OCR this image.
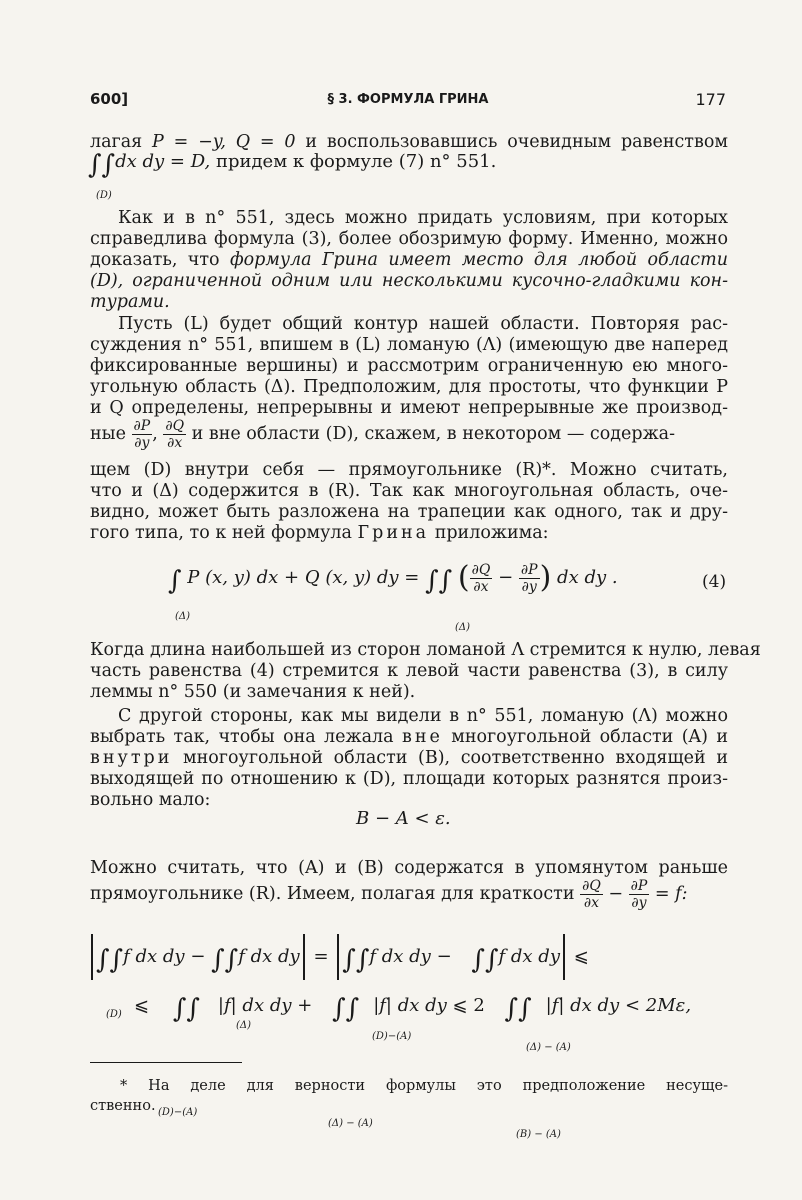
600]	§ 3. ФОРМУЛА ГРИНА	177
лагая P = −y, Q = 0 и воспользовавшись очевидным равенством
∫∫dx dy = D, придем к формуле (7) n° 551.
(D)
Как и в n° 551, здесь можно придать условиям, при которых
справедлива формула (3), более обозримую форму. Именно, можно
доказать, что формула Грина имеет место для любой области
(D), ограниченной одним или несколькими кусочно-гладкими кон-
турами.
Пусть (L) будет общий контур нашей области. Повторяя рас-
суждения n° 551, впишем в (L) ломаную (Λ) (имеющую две наперед
фиксированные вершины) и рассмотрим ограниченную ею много-
угольную область (Δ). Предположим, для простоты, что функции P
и Q определены, непрерывны и имеют непрерывные же производ-
ные $\frac{\partial P}{\partial y}$ , $\frac{\partial Q}{\partial x}$ и вне области (D), скажем, в некотором — содержа-
щем (D) внутри себя — прямоугольнике (R)*. Можно считать,
что и (Δ) содержится в (R). Так как многоугольная область, оче-
видно, может быть разложена на трапеции как одного, так и дру-
гого типа, то к ней формула Грина приложима:
∫ P (x, y) dx + Q (x, y) dy = ∫∫ ( $\frac{\partial Q}{\partial x} - \frac{\partial P}{\partial y}$ ) dx dy .
(Δ)
(Δ)
(4)
Когда длина наибольшей из сторон ломаной Λ стремится к нулю, левая
часть равенства (4) стремится к левой части равенства (3), в силу
леммы n° 550 (и замечания к ней).
С другой стороны, как мы видели в n° 551, ломаную (Λ) можно
выбрать так, чтобы она лежала вне многоугольной области (A) и
внутри многоугольной области (B), соответственно входящей и
выходящей по отношению к (D), площади которых разнятся произ-
вольно мало:
B − A < ε.
Можно считать, что (A) и (B) содержатся в упомянутом раньше
прямоугольнике (R). Имеем, полагая для краткости $\frac{\partial Q}{\partial x} - \frac{\partial P}{\partial y} = f$:
∫∫f dx dy − ∫∫f dx dy = ∫∫f dx dy − ∫∫f dx dy ⩽
(D)
(Δ)
(D)−(A)
(Δ) − (A)
⩽ ∫∫ |f| dx dy + ∫∫ |f| dx dy ⩽ 2 ∫∫ |f| dx dy < 2Mε,
(D)−(A)
(Δ) − (A)
(B) − (A)
* На деле для верности формулы это предположение несуще-
ственно.
